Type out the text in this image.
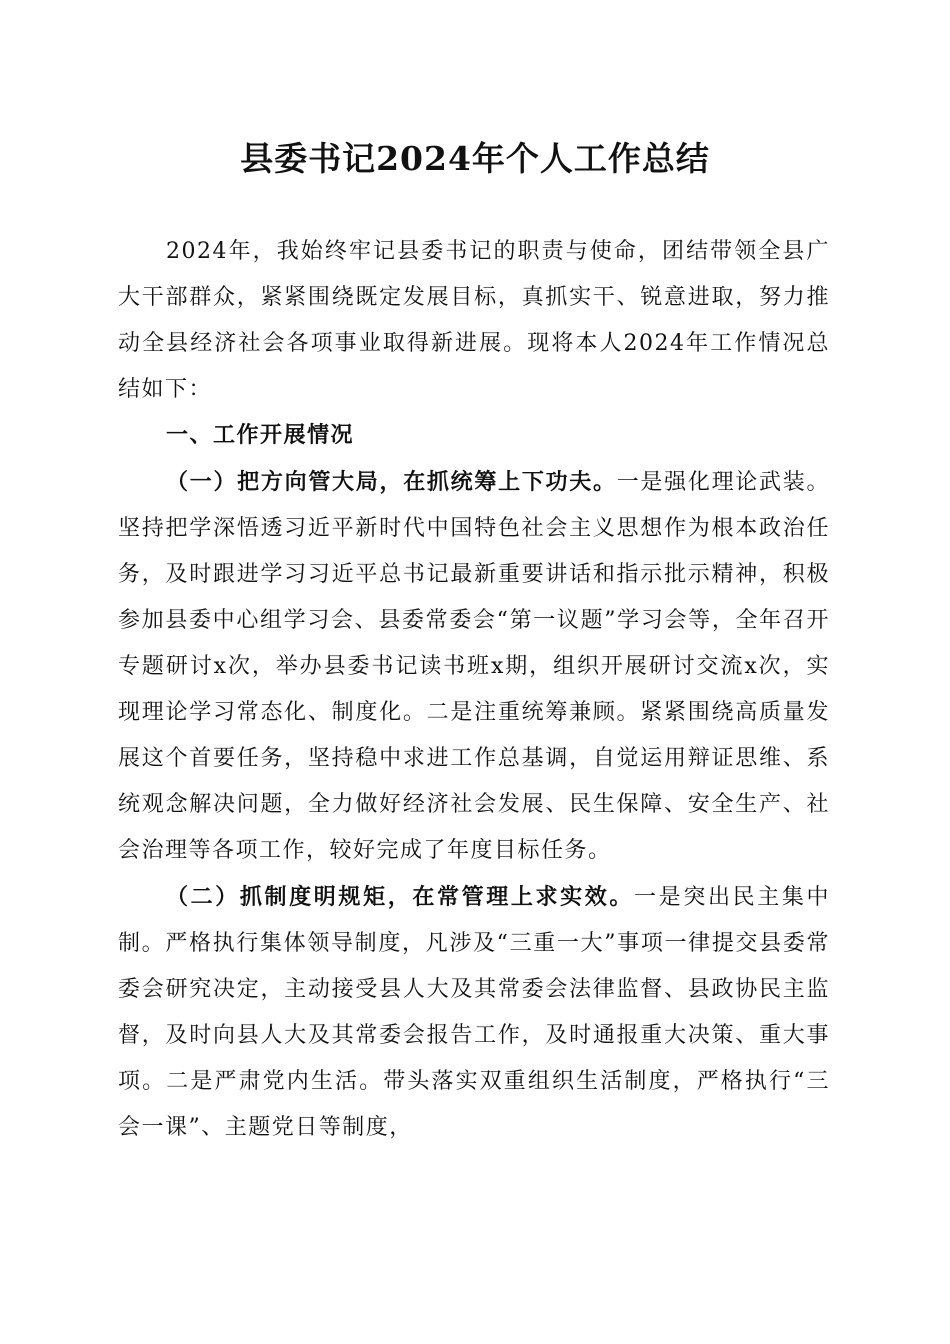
县委书记2024年个人工作总结

2024年，我始终牢记县委书记的职责与使命，团结带领全县广大干部群众，紧紧围绕既定发展目标，真抓实干、锐意进取，努力推动全县经济社会各项事业取得新进展。现将本人2024年工作情况总结如下：

一、工作开展情况

（一）把方向管大局，在抓统筹上下功夫。一是强化理论武装。坚持把学深悟透习近平新时代中国特色社会主义思想作为根本政治任务，及时跟进学习习近平总书记最新重要讲话和指示批示精神，积极参加县委中心组学习会、县委常委会“第一议题”学习会等，全年召开专题研讨x次，举办县委书记读书班x期，组织开展研讨交流x次，实现理论学习常态化、制度化。二是注重统筹兼顾。紧紧围绕高质量发展这个首要任务，坚持稳中求进工作总基调，自觉运用辩证思维、系统观念解决问题，全力做好经济社会发展、民生保障、安全生产、社会治理等各项工作，较好完成了年度目标任务。

（二）抓制度明规矩，在常管理上求实效。一是突出民主集中制。严格执行集体领导制度，凡涉及“三重一大”事项一律提交县委常委会研究决定，主动接受县人大及其常委会法律监督、县政协民主监督，及时向县人大及其常委会报告工作，及时通报重大决策、重大事项。二是严肃党内生活。带头落实双重组织生活制度，严格执行“三会一课”、主题党日等制度，
